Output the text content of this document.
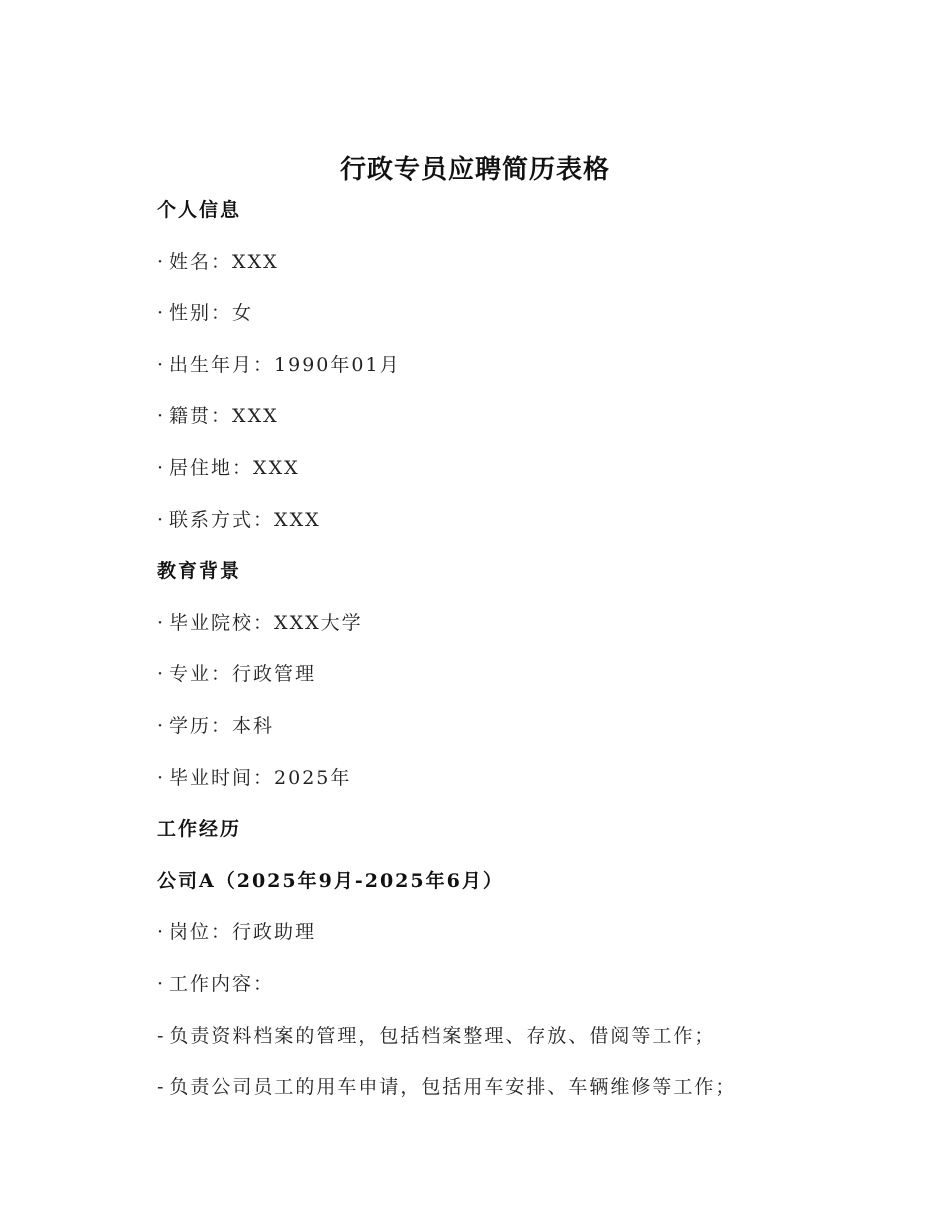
行政专员应聘简历表格
个人信息
· 姓名：XXX
· 性别：女
· 出生年月：1990年01月
· 籍贯：XXX
· 居住地：XXX
· 联系方式：XXX
教育背景
· 毕业院校：XXX大学
· 专业：行政管理
· 学历：本科
· 毕业时间：2025年
工作经历
公司A（2025年9月-2025年6月）
· 岗位：行政助理
· 工作内容：
- 负责资料档案的管理，包括档案整理、存放、借阅等工作；
- 负责公司员工的用车申请，包括用车安排、车辆维修等工作；
